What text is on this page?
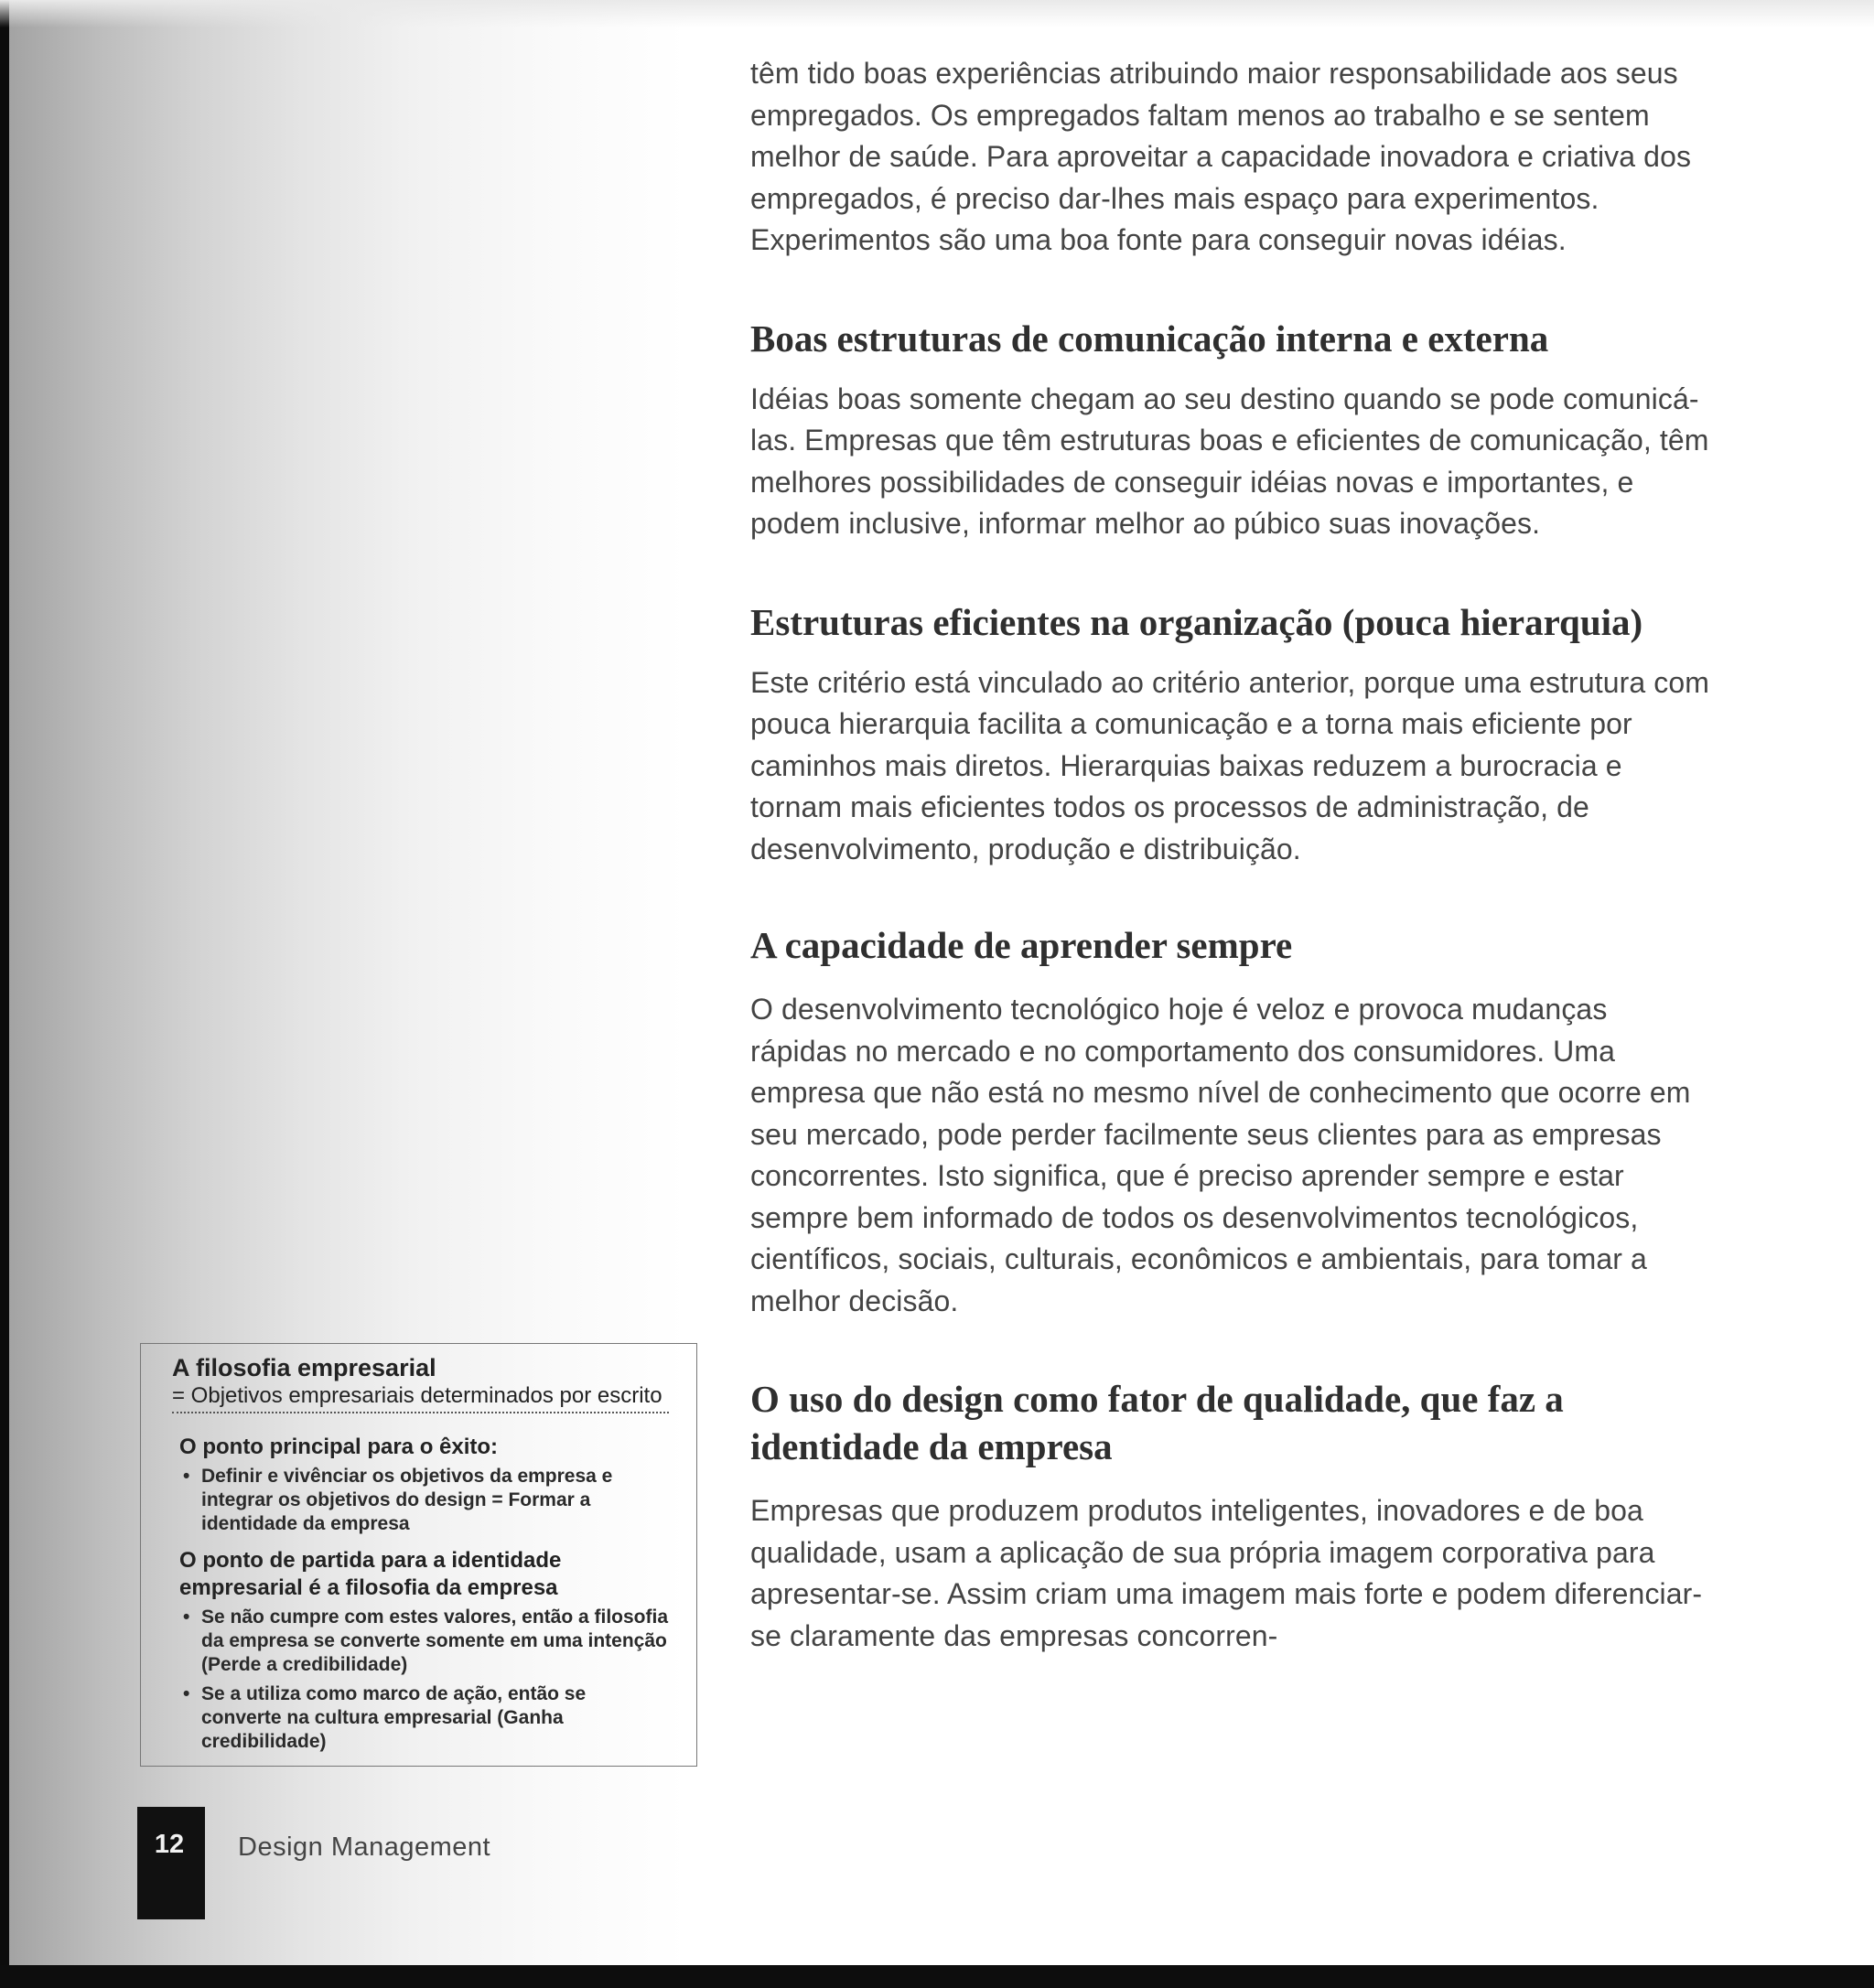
têm tido boas experiências atribuindo maior responsabilidade aos seus empregados. Os empregados faltam menos ao trabalho e se sentem melhor de saúde. Para aproveitar a capacidade inovadora e criativa dos empregados, é preciso dar-lhes mais espaço para experimentos. Experimentos são uma boa fonte para conseguir novas idéias.

Boas estruturas de comunicação interna e externa

Idéias boas somente chegam ao seu destino quando se pode comunicá-las. Empresas que têm estruturas boas e eficientes de comunicação, têm melhores possibilidades de conseguir idéias novas e importantes, e podem inclusive, informar melhor ao púbico suas inovações.

Estruturas eficientes na organização (pouca hierarquia)

Este critério está vinculado ao critério anterior, porque uma estrutura com pouca hierarquia facilita a comunicação e a torna mais eficiente por caminhos mais diretos. Hierarquias baixas reduzem a burocracia e tornam mais eficientes todos os processos de administração, de desenvolvimento, produção e distribuição.

A capacidade de aprender sempre

O desenvolvimento tecnológico hoje é veloz e provoca mudanças rápidas no mercado e no comportamento dos consumidores. Uma empresa que não está no mesmo nível de conhecimento que ocorre em seu mercado, pode perder facilmente seus clientes para as empresas concorrentes. Isto significa, que é preciso aprender sempre e estar sempre bem informado de todos os desenvolvimentos tecnológicos, científicos, sociais, culturais, econômicos e ambientais, para tomar a melhor decisão.

O uso do design como fator de qualidade, que faz a identidade da empresa

Empresas que produzem produtos inteligentes, inovadores e de boa qualidade, usam a aplicação de sua própria imagem corporativa para apresentar-se. Assim criam uma imagem mais forte e podem diferenciar-se claramente das empresas concorren-

A filosofia empresarial
= Objetivos empresariais determinados por escrito
O ponto principal para o êxito:
• Definir e vivênciar os objetivos da empresa e integrar os objetivos do design = Formar a identidade da empresa
O ponto de partida para a identidade empresarial é a filosofia da empresa
• Se não cumpre com estes valores, então a filosofia da empresa se converte somente em uma intenção (Perde a credibilidade)
• Se a utiliza como marco de ação, então se converte na cultura empresarial (Ganha credibilidade)
12	Design Management
